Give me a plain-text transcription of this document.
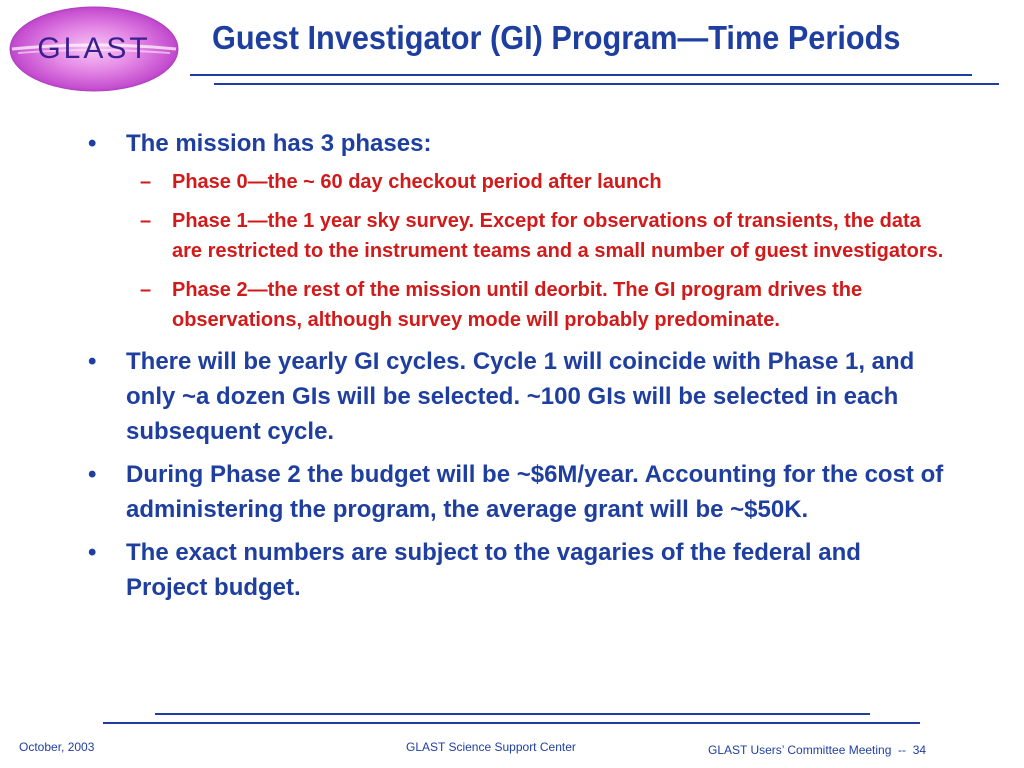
GLAST	Guest Investigator (GI) Program—Time Periods
• The mission has 3 phases:
– Phase 0—the ~ 60 day checkout period after launch
– Phase 1—the 1 year sky survey. Except for observations of transients, the data are restricted to the instrument teams and a small number of guest investigators.
– Phase 2—the rest of the mission until deorbit. The GI program drives the observations, although survey mode will probably predominate.
• There will be yearly GI cycles. Cycle 1 will coincide with Phase 1, and only ~a dozen GIs will be selected. ~100 GIs will be selected in each subsequent cycle.
• During Phase 2 the budget will be ~$6M/year. Accounting for the cost of administering the program, the average grant will be ~$50K.
• The exact numbers are subject to the vagaries of the federal and Project budget.
October, 2003	GLAST Science Support Center	GLAST Users’ Committee Meeting  --  34
